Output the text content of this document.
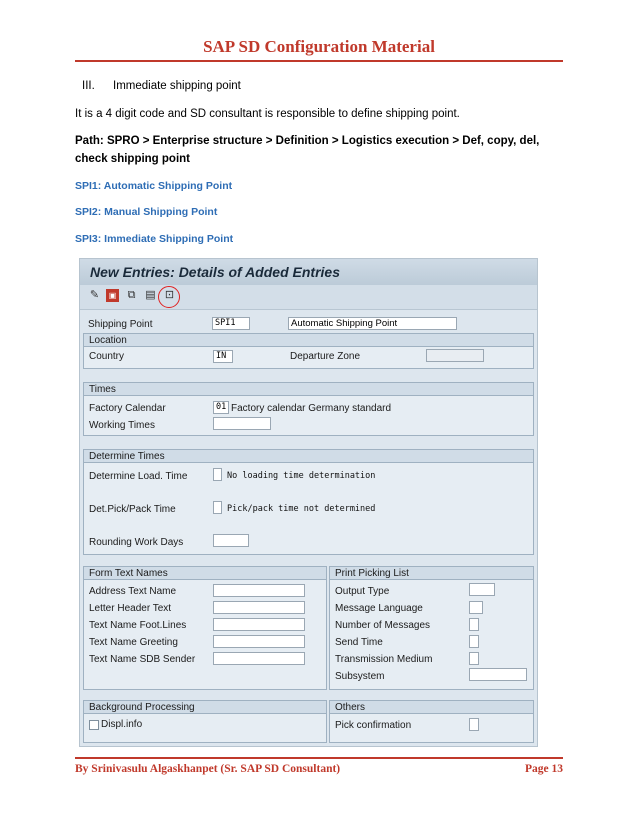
SAP SD Configuration Material
III. Immediate shipping point
It is a 4 digit code and SD consultant is responsible to define shipping point.
Path: SPRO > Enterprise structure > Definition > Logistics execution > Def, copy, del, check shipping point
SPI1: Automatic Shipping Point
SPI2: Manual Shipping Point
SPI3: Immediate Shipping Point
New Entries: Details of Added Entries
✎	▣ ⧉ ▤ ⊡
Shipping Point	SPI1	Automatic Shipping Point
Location
Country	IN	Departure Zone
Times
Factory Calendar	01 Factory calendar Germany standard
Working Times
Determine Times
Determine Load. Time	No loading time determination
Det.Pick/Pack Time	Pick/pack time not determined
Rounding Work Days
Form Text Names
Address Text Name
Letter Header Text
Text Name Foot.Lines
Text Name Greeting
Text Name SDB Sender
Print Picking List
Output Type
Message Language
Number of Messages
Send Time
Transmission Medium
Subsystem
Background Processing
Displ.info
Others
Pick confirmation
By Srinivasulu Algaskhanpet (Sr. SAP SD Consultant)	Page 13
